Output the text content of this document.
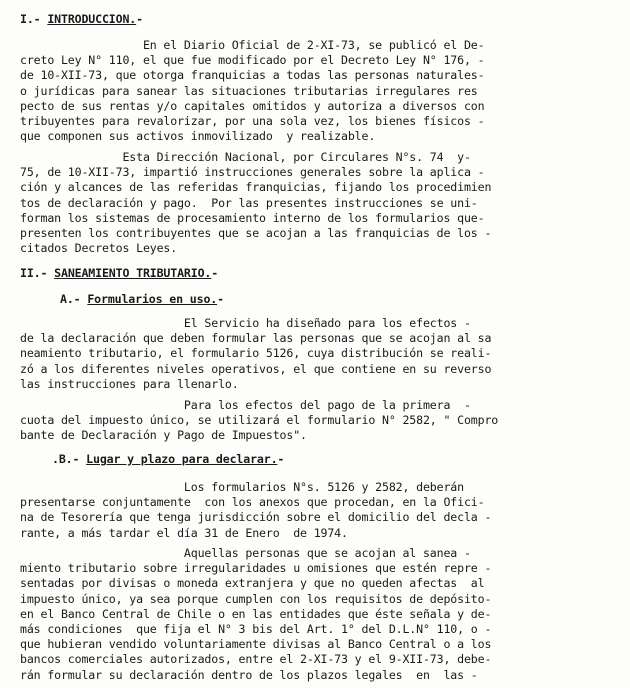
I.- INTRODUCCION.-
En el Diario Oficial de 2-XI-73, se publicó el De-
creto Ley N° 110, el que fue modificado por el Decreto Ley N° 176, -
de 10-XII-73, que otorga franquicias a todas las personas naturales-
o jurídicas para sanear las situaciones tributarias irregulares res
pecto de sus rentas y/o capitales omitidos y autoriza a diversos con
tribuyentes para revalorizar, por una sola vez, los bienes físicos -
que componen sus activos inmovilizado  y realizable.
Esta Dirección Nacional, por Circulares N°s. 74  y-
75, de 10-XII-73, impartió instrucciones generales sobre la aplica -
ción y alcances de las referidas franquicias, fijando los procedimien
tos de declaración y pago.  Por las presentes instrucciones se uni-
forman los sistemas de procesamiento interno de los formularios que-
presenten los contribuyentes que se acojan a las franquicias de los -
citados Decretos Leyes.
II.- SANEAMIENTO TRIBUTARIO.-
A.- Formularios en uso.-
El Servicio ha diseñado para los efectos -
de la declaración que deben formular las personas que se acojan al sa
neamiento tributario, el formulario 5126, cuya distribución se reali-
zó a los diferentes niveles operativos, el que contiene en su reverso
las instrucciones para llenarlo.
Para los efectos del pago de la primera  -
cuota del impuesto único, se utilizará el formulario N° 2582, " Compro
bante de Declaración y Pago de Impuestos".
.B.- Lugar y plazo para declarar.-
Los formularios N°s. 5126 y 2582, deberán
presentarse conjuntamente  con los anexos que procedan, en la Ofici-
na de Tesorería que tenga jurisdicción sobre el domicilio del decla -
rante, a más tardar el día 31 de Enero  de 1974.
Aquellas personas que se acojan al sanea -
miento tributario sobre irregularidades u omisiones que estén repre -
sentadas por divisas o moneda extranjera y que no queden afectas  al
impuesto único, ya sea porque cumplen con los requisitos de depósito-
en el Banco Central de Chile o en las entidades que éste señala y de-
más condiciones  que fija el N° 3 bis del Art. 1° del D.L.N° 110, o -
que hubieran vendido voluntariamente divisas al Banco Central o a los
bancos comerciales autorizados, entre el 2-XI-73 y el 9-XII-73, debe-
rán formular su declaración dentro de los plazos legales  en  las -
